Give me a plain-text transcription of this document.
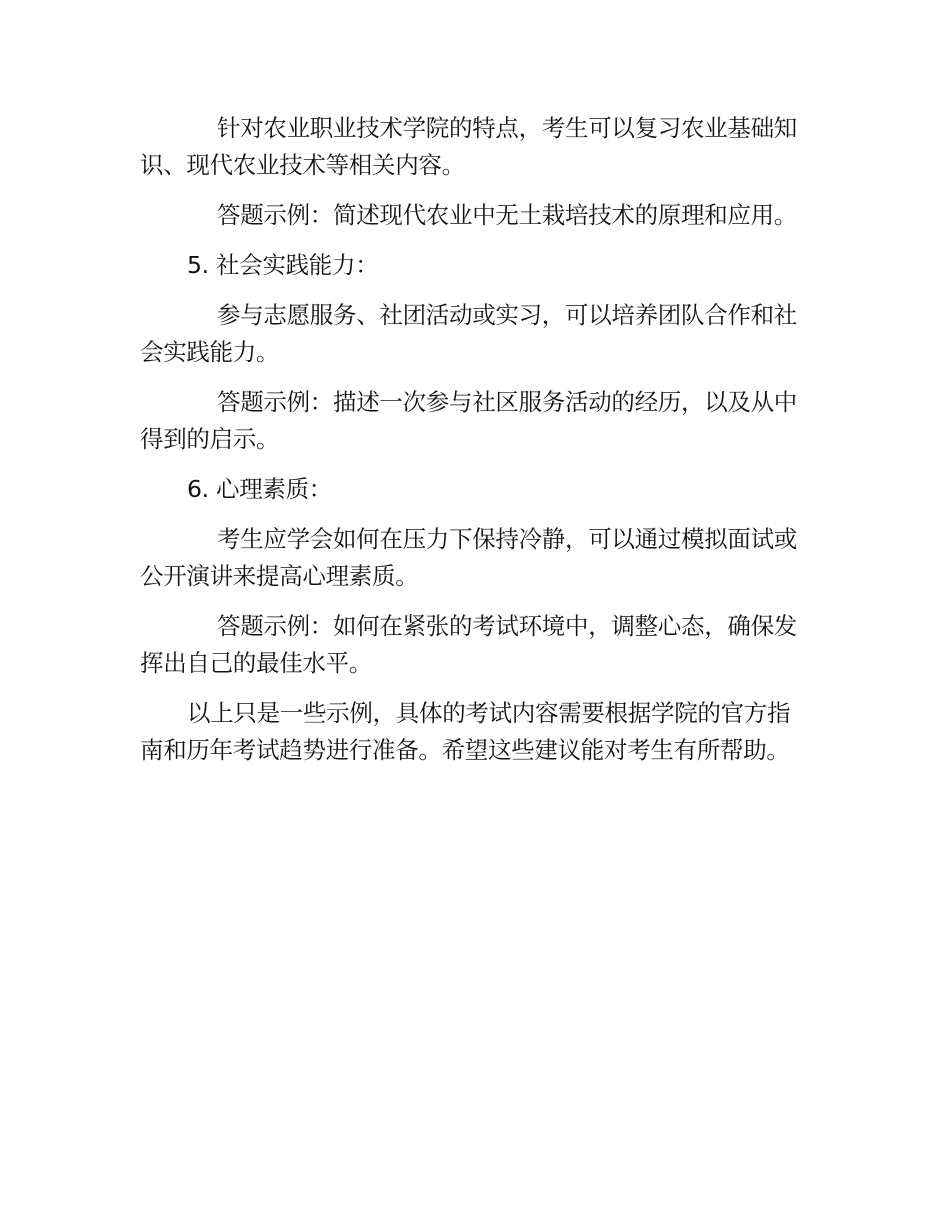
针对农业职业技术学院的特点，考生可以复习农业基础知识、现代农业技术等相关内容。

答题示例：简述现代农业中无土栽培技术的原理和应用。

5. 社会实践能力：

参与志愿服务、社团活动或实习，可以培养团队合作和社会实践能力。

答题示例：描述一次参与社区服务活动的经历，以及从中得到的启示。

6. 心理素质：

考生应学会如何在压力下保持冷静，可以通过模拟面试或公开演讲来提高心理素质。

答题示例：如何在紧张的考试环境中，调整心态，确保发挥出自己的最佳水平。

以上只是一些示例，具体的考试内容需要根据学院的官方指南和历年考试趋势进行准备。希望这些建议能对考生有所帮助。
